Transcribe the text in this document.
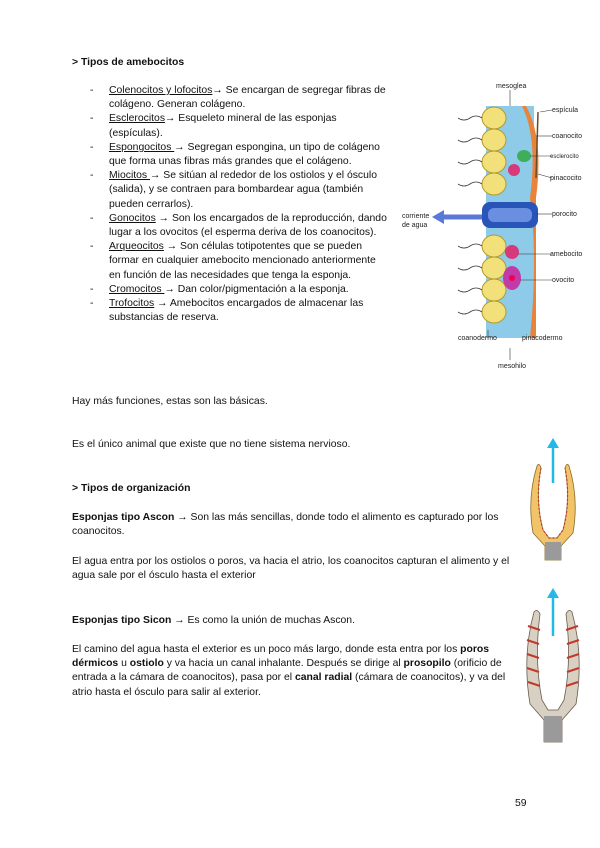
> Tipos de amebocitos
- Colenocitos y lofocitos→ Se encargan de segregar fibras de colágeno. Generan colágeno.
- Esclerocitos→ Esqueleto mineral de las esponjas (espículas).
- Espongocitos → Segregan espongina, un tipo de colágeno que forma unas fibras más grandes que el colágeno.
- Miocitos → Se sitúan al rededor de los ostiolos y el ósculo (salida), y se contraen para bombardear agua (también pueden cerrarlos).
- Gonocitos → Son los encargados de la reproducción, dando lugar a los ovocitos (el esperma deriva de los coanocitos).
- Arqueocitos → Son células totipotentes que se pueden formar en cualquier amebocito mencionado anteriormente en función de las necesidades que tenga la esponja.
- Cromocitos → Dan color/pigmentación a la esponja.
- Trofocitos → Amebocitos encargados de almacenar las substancias de reserva.

Hay más funciones, estas son las básicas.

Es el único animal que existe que no tiene sistema nervioso.

mesoglea
espícula
coanocito
esclerocito
pinacocito
porocito
corriente
de agua
amebocito
ovocito
coanodermo	pinacodermo
mesohilo
> Tipos de organización

Esponjas tipo Ascon → Son las más sencillas, donde todo el alimento es capturado por los coanocitos.

El agua entra por los ostiolos o poros, va hacia el atrio, los coanocitos capturan el alimento y el agua sale por el ósculo hasta el exterior

Esponjas tipo Sicon → Es como la unión de muchas Ascon.

El camino del agua hasta el exterior es un poco más largo, donde esta entra por los poros dérmicos u ostiolo y va hacia un canal inhalante. Después se dirige al prosopilo (orificio de entrada a la cámara de coanocitos), pasa por el canal radial (cámara de coanocitos), y va del atrio hasta el ósculo para salir al exterior.

59
